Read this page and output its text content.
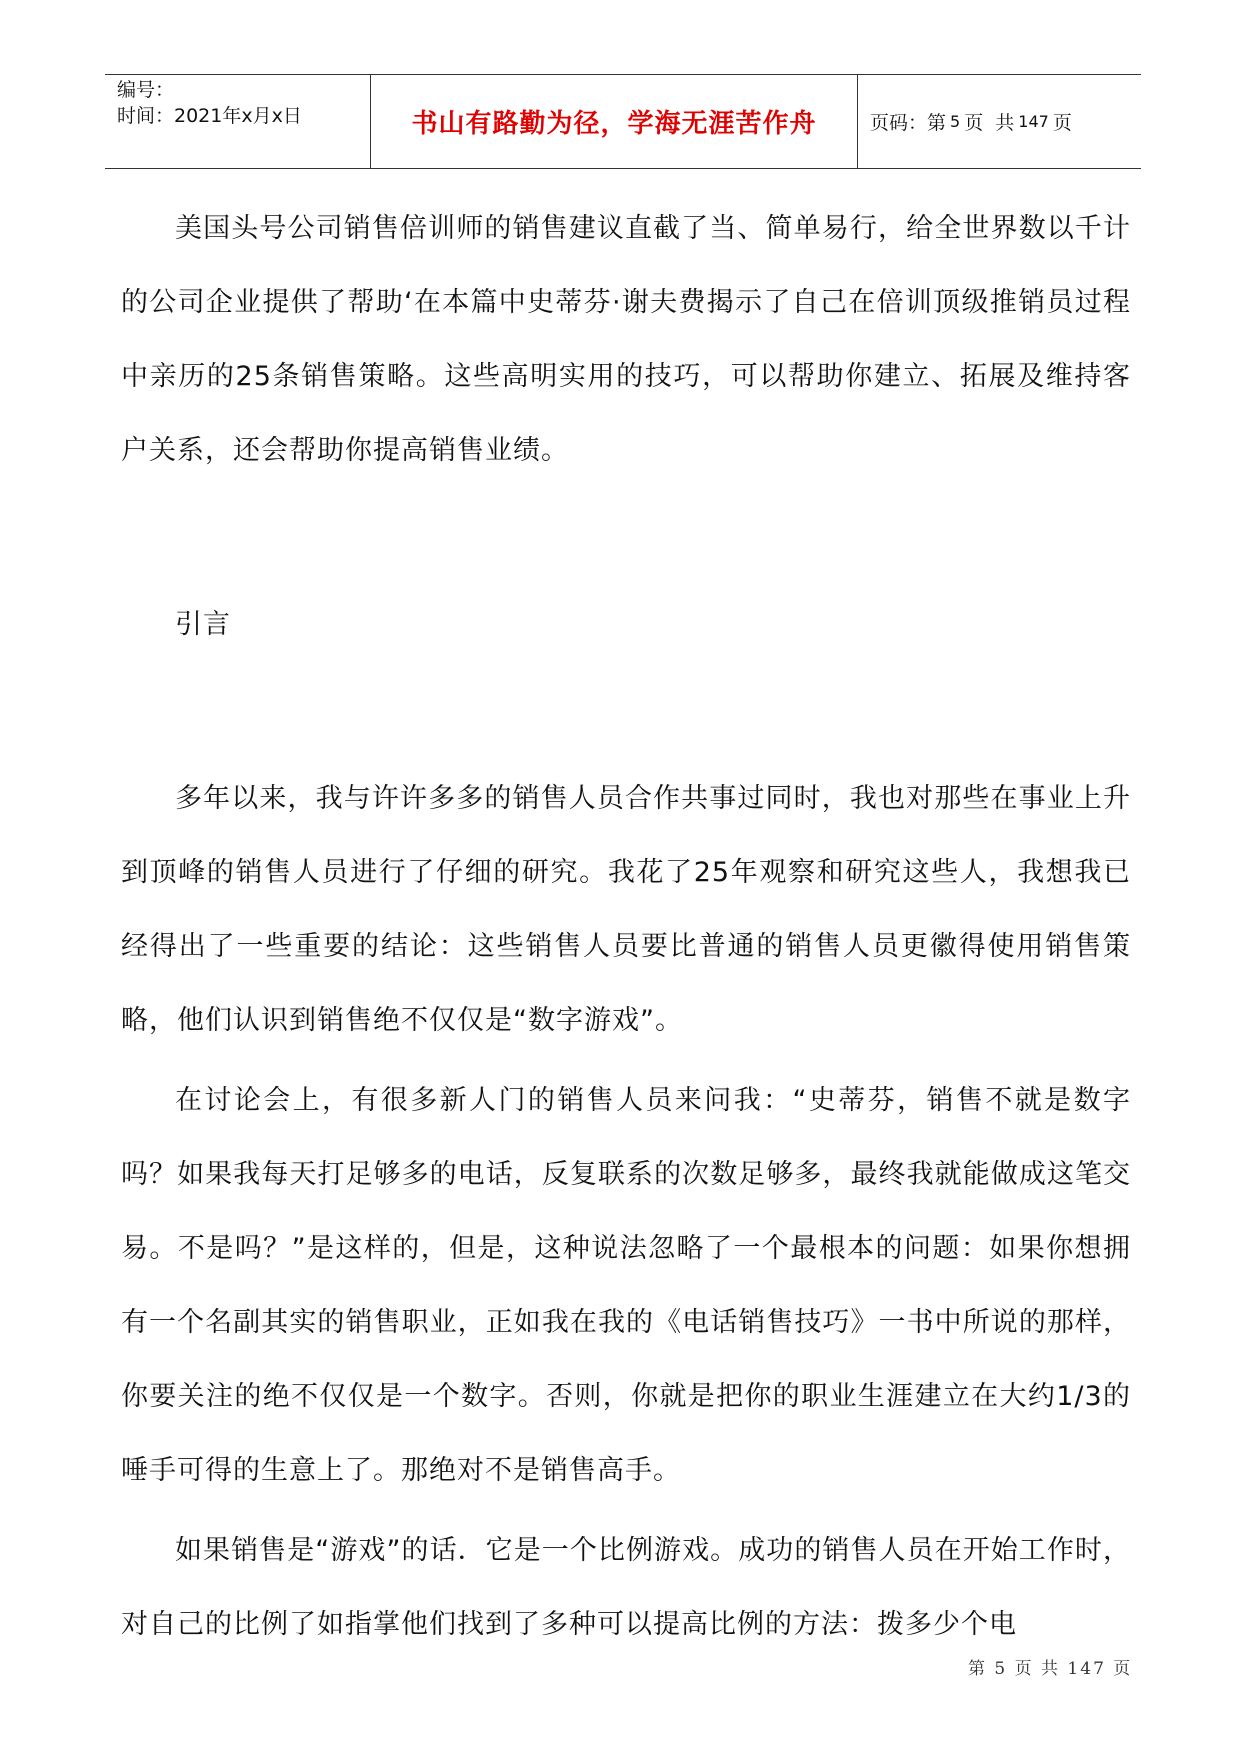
编号：
时间：2021年x月x日	书山有路勤为径，学海无涯苦作舟	页码：第 5 页  共 147 页

美国头号公司销售倍训师的销售建议直截了当、简单易行，给全世界数以千计的公司企业提供了帮助‘在本篇中史蒂芬·谢夫费揭示了自己在倍训顶级推销员过程中亲历的25条销售策略。这些高明实用的技巧，可以帮助你建立、拓展及维持客户关系，还会帮助你提高销售业绩。

引言

多年以来，我与许许多多的销售人员合作共事过同时，我也对那些在事业上升到顶峰的销售人员进行了仔细的研究。我花了25年观察和研究这些人，我想我已经得出了一些重要的结论：这些销售人员要比普通的销售人员更徽得使用销售策略，他们认识到销售绝不仅仅是“数字游戏”。

在讨论会上，有很多新人门的销售人员来问我：“史蒂芬，销售不就是数字吗？如果我每天打足够多的电话，反复联系的次数足够多，最终我就能做成这笔交易。不是吗？”是这样的，但是，这种说法忽略了一个最根本的问题：如果你想拥有一个名副其实的销售职业，正如我在我的《电话销售技巧》一书中所说的那样，你要关注的绝不仅仅是一个数字。否则，你就是把你的职业生涯建立在大约1/3的唾手可得的生意上了。那绝对不是销售高手。

如果销售是“游戏”的话．它是一个比例游戏。成功的销售人员在开始工作时，对自己的比例了如指掌他们找到了多种可以提高比例的方法：拨多少个电

第 5 页 共 147 页
